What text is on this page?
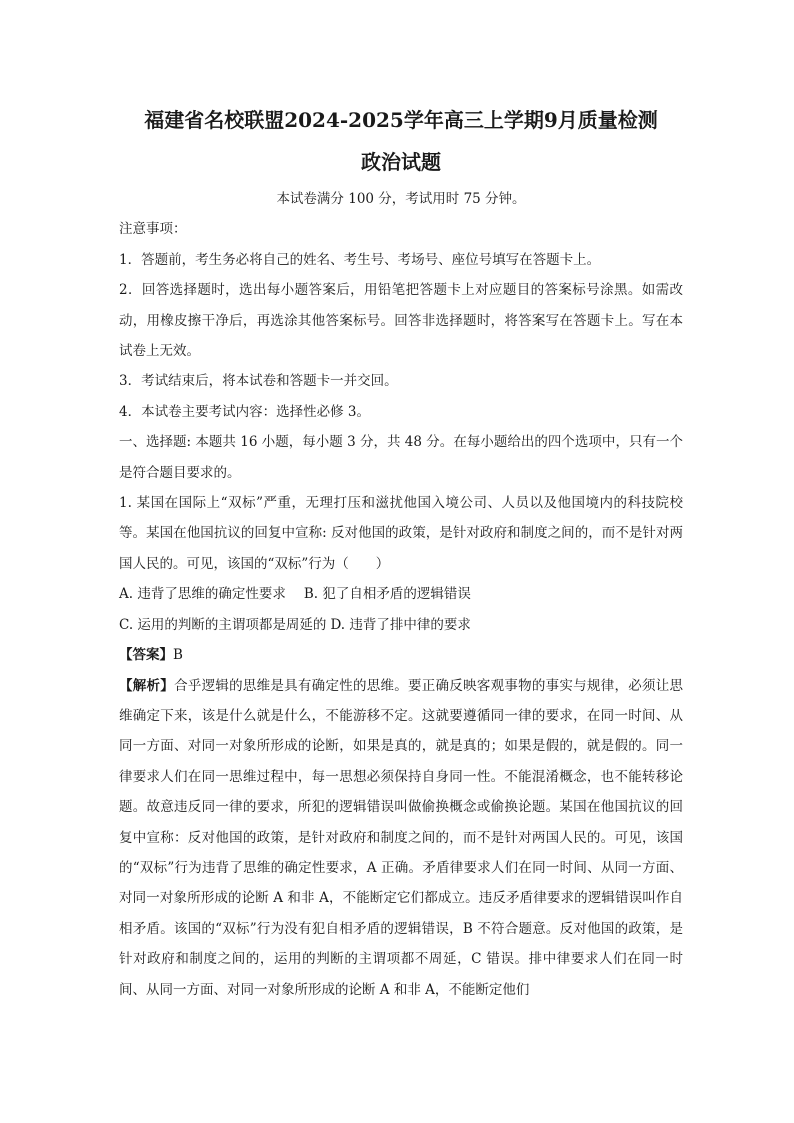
福建省名校联盟2024-2025学年高三上学期9月质量检测

政治试题

本试卷满分 100 分，考试用时 75 分钟。

注意事项：

1．答题前，考生务必将自己的姓名、考生号、考场号、座位号填写在答题卡上。

2．回答选择题时，选出每小题答案后，用铅笔把答题卡上对应题目的答案标号涂黑。如需改动，用橡皮擦干净后，再选涂其他答案标号。回答非选择题时，将答案写在答题卡上。写在本试卷上无效。

3．考试结束后，将本试卷和答题卡一并交回。

4．本试卷主要考试内容：选择性必修 3。

一、选择题: 本题共 16 小题，每小题 3 分，共 48 分。在每小题给出的四个选项中，只有一个是符合题目要求的。

1. 某国在国际上“双标”严重，无理打压和滋扰他国入境公司、人员以及他国境内的科技院校等。某国在他国抗议的回复中宣称: 反对他国的政策，是针对政府和制度之间的，而不是针对两国人民的。可见，该国的“双标”行为（　　）

A. 违背了思维的确定性要求 B. 犯了自相矛盾的逻辑错误
C. 运用的判断的主谓项都是周延的 D. 违背了排中律的要求

【答案】B

【解析】合乎逻辑的思维是具有确定性的思维。要正确反映客观事物的事实与规律，必须让思维确定下来，该是什么就是什么，不能游移不定。这就要遵循同一律的要求，在同一时间、从同一方面、对同一对象所形成的论断，如果是真的，就是真的；如果是假的，就是假的。同一律要求人们在同一思维过程中，每一思想必须保持自身同一性。不能混淆概念，也不能转移论题。故意违反同一律的要求，所犯的逻辑错误叫做偷换概念或偷换论题。某国在他国抗议的回复中宣称：反对他国的政策，是针对政府和制度之间的，而不是针对两国人民的。可见，该国的“双标”行为违背了思维的确定性要求，A 正确。矛盾律要求人们在同一时间、从同一方面、对同一对象所形成的论断 A 和非 A，不能断定它们都成立。违反矛盾律要求的逻辑错误叫作自相矛盾。该国的“双标”行为没有犯自相矛盾的逻辑错误，B 不符合题意。反对他国的政策，是针对政府和制度之间的，运用的判断的主谓项都不周延，C 错误。排中律要求人们在同一时间、从同一方面、对同一对象所形成的论断 A 和非 A，不能断定他们
